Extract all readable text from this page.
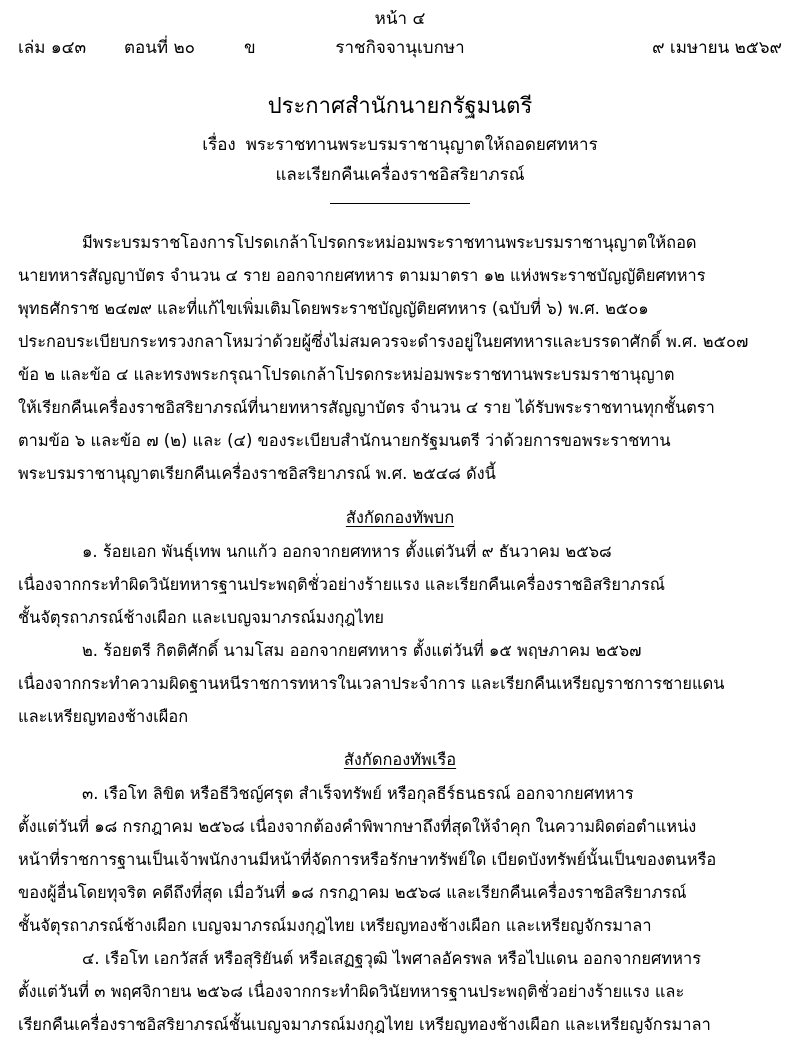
หน้า ๔
ราชกิจจานุเบกษา
เล่ม ๑๔๓ ตอนที่ ๒๐	ข	๙ เมษายน ๒๕๖๙
ประกาศสำนักนายกรัฐมนตรี
เรื่อง พระราชทานพระบรมราชานุญาตให้ถอดยศทหาร
และเรียกคืนเครื่องราชอิสริยาภรณ์
มีพระบรมราชโองการโปรดเกล้าโปรดกระหม่อมพระราชทานพระบรมราชานุญาตให้ถอด
นายทหารสัญญาบัตร จำนวน ๔ ราย ออกจากยศทหาร ตามมาตรา ๑๒ แห่งพระราชบัญญัติยศทหาร
พุทธศักราช ๒๔๗๙ และที่แก้ไขเพิ่มเติมโดยพระราชบัญญัติยศทหาร (ฉบับที่ ๖) พ.ศ. ๒๕๐๑
ประกอบระเบียบกระทรวงกลาโหมว่าด้วยผู้ซึ่งไม่สมควรจะดำรงอยู่ในยศทหารและบรรดาศักดิ์ พ.ศ. ๒๕๐๗
ข้อ ๒ และข้อ ๔ และทรงพระกรุณาโปรดเกล้าโปรดกระหม่อมพระราชทานพระบรมราชานุญาต
ให้เรียกคืนเครื่องราชอิสริยาภรณ์ที่นายทหารสัญญาบัตร จำนวน ๔ ราย ได้รับพระราชทานทุกชั้นตรา
ตามข้อ ๖ และข้อ ๗ (๒) และ (๔) ของระเบียบสำนักนายกรัฐมนตรี ว่าด้วยการขอพระราชทาน
พระบรมราชานุญาตเรียกคืนเครื่องราชอิสริยาภรณ์ พ.ศ. ๒๕๔๘ ดังนี้
สังกัดกองทัพบก
๑. ร้อยเอก พันธุ์เทพ นกแก้ว ออกจากยศทหาร ตั้งแต่วันที่ ๙ ธันวาคม ๒๕๖๘
เนื่องจากกระทำผิดวินัยทหารฐานประพฤติชั่วอย่างร้ายแรง และเรียกคืนเครื่องราชอิสริยาภรณ์
ชั้นจัตุรถาภรณ์ช้างเผือก และเบญจมาภรณ์มงกุฎไทย
๒. ร้อยตรี กิตติศักดิ์ นามโสม ออกจากยศทหาร ตั้งแต่วันที่ ๑๕ พฤษภาคม ๒๕๖๗
เนื่องจากกระทำความผิดฐานหนีราชการทหารในเวลาประจำการ และเรียกคืนเหรียญราชการชายแดน
และเหรียญทองช้างเผือก
สังกัดกองทัพเรือ
๓. เรือโท ลิขิต หรือธีวิชญ์ศรุต สำเร็จทรัพย์ หรือกุลธีร์ธนธรณ์ ออกจากยศทหาร
ตั้งแต่วันที่ ๑๘ กรกฎาคม ๒๕๖๘ เนื่องจากต้องคำพิพากษาถึงที่สุดให้จำคุก ในความผิดต่อตำแหน่ง
หน้าที่ราชการฐานเป็นเจ้าพนักงานมีหน้าที่จัดการหรือรักษาทรัพย์ใด เบียดบังทรัพย์นั้นเป็นของตนหรือ
ของผู้อื่นโดยทุจริต คดีถึงที่สุด เมื่อวันที่ ๑๘ กรกฎาคม ๒๕๖๘ และเรียกคืนเครื่องราชอิสริยาภรณ์
ชั้นจัตุรถาภรณ์ช้างเผือก เบญจมาภรณ์มงกุฎไทย เหรียญทองช้างเผือก และเหรียญจักรมาลา
๔. เรือโท เอกวัสส์ หรือสุริยันต์ หรือเสฏฐวุฒิ ไพศาลอัครพล หรือไปแดน ออกจากยศทหาร
ตั้งแต่วันที่ ๓ พฤศจิกายน ๒๕๖๘ เนื่องจากกระทำผิดวินัยทหารฐานประพฤติชั่วอย่างร้ายแรง และ
เรียกคืนเครื่องราชอิสริยาภรณ์ชั้นเบญจมาภรณ์มงกุฎไทย เหรียญทองช้างเผือก และเหรียญจักรมาลา
